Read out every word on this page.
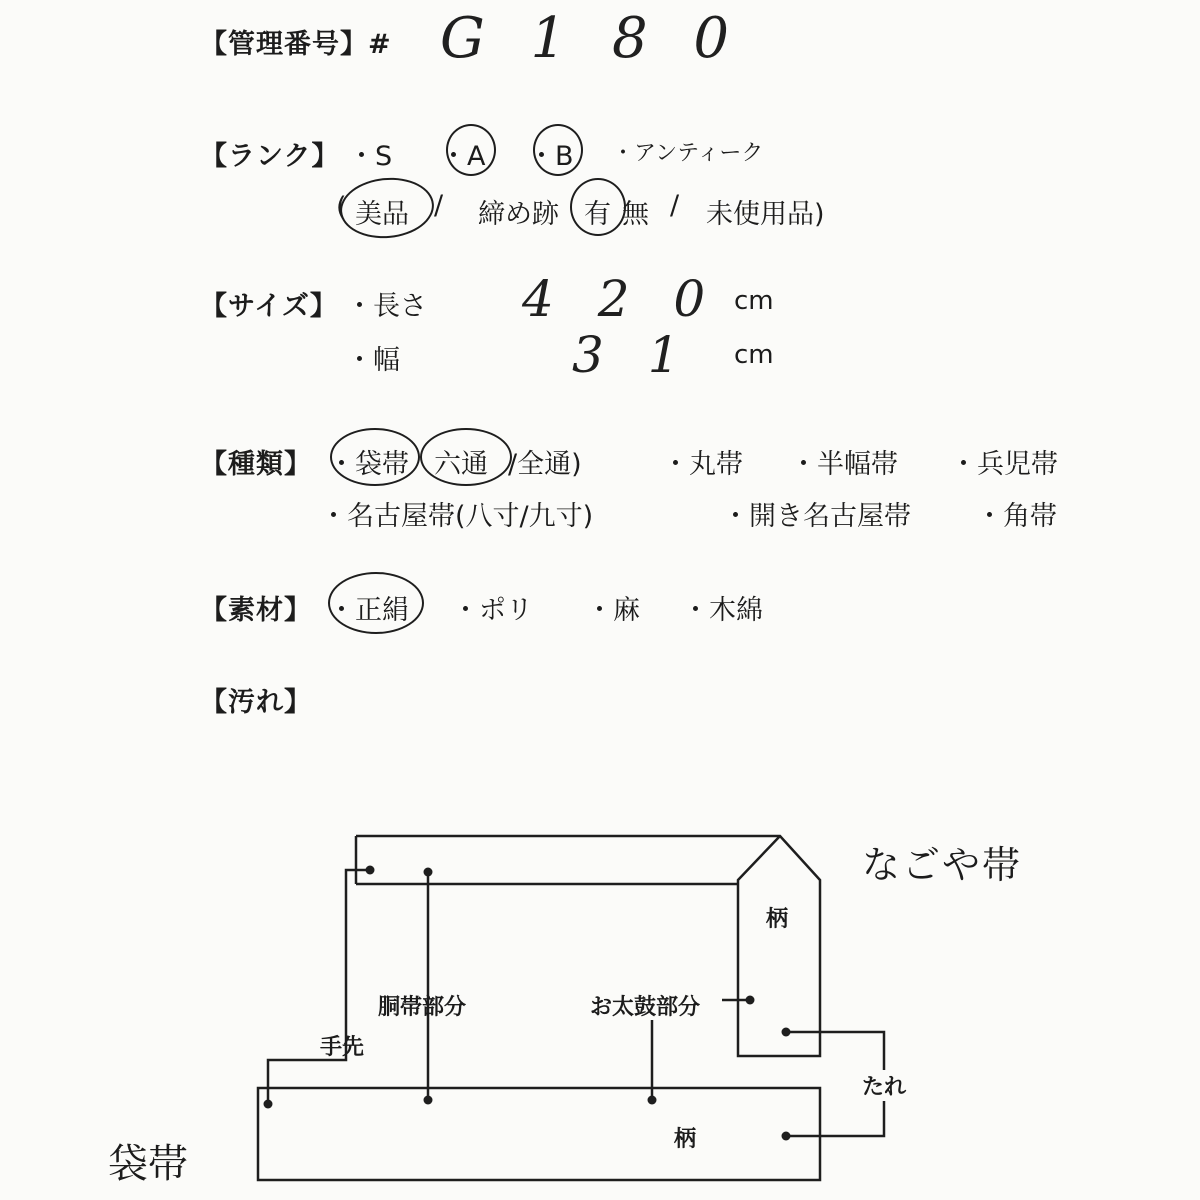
【管理番号】# G 1 8 0
【ランク】 ・S ・A ・B ・アンティーク
( 美品 / 締め跡 有 無 / 未使用品)
【サイズ】 ・長さ 4 2 0 cm
・幅	3 1 cm
【種類】 ・袋帯 六通 /全通)	・丸帯 ・半幅帯 ・兵児帯
・名古屋帯(八寸/九寸)	・開き名古屋帯 ・角帯
【素材】 ・正絹 ・ポリ ・麻 ・木綿
【汚れ】
なごや帯
袋帯
柄
柄
胴帯部分	お太鼓部分
手先
たれ
